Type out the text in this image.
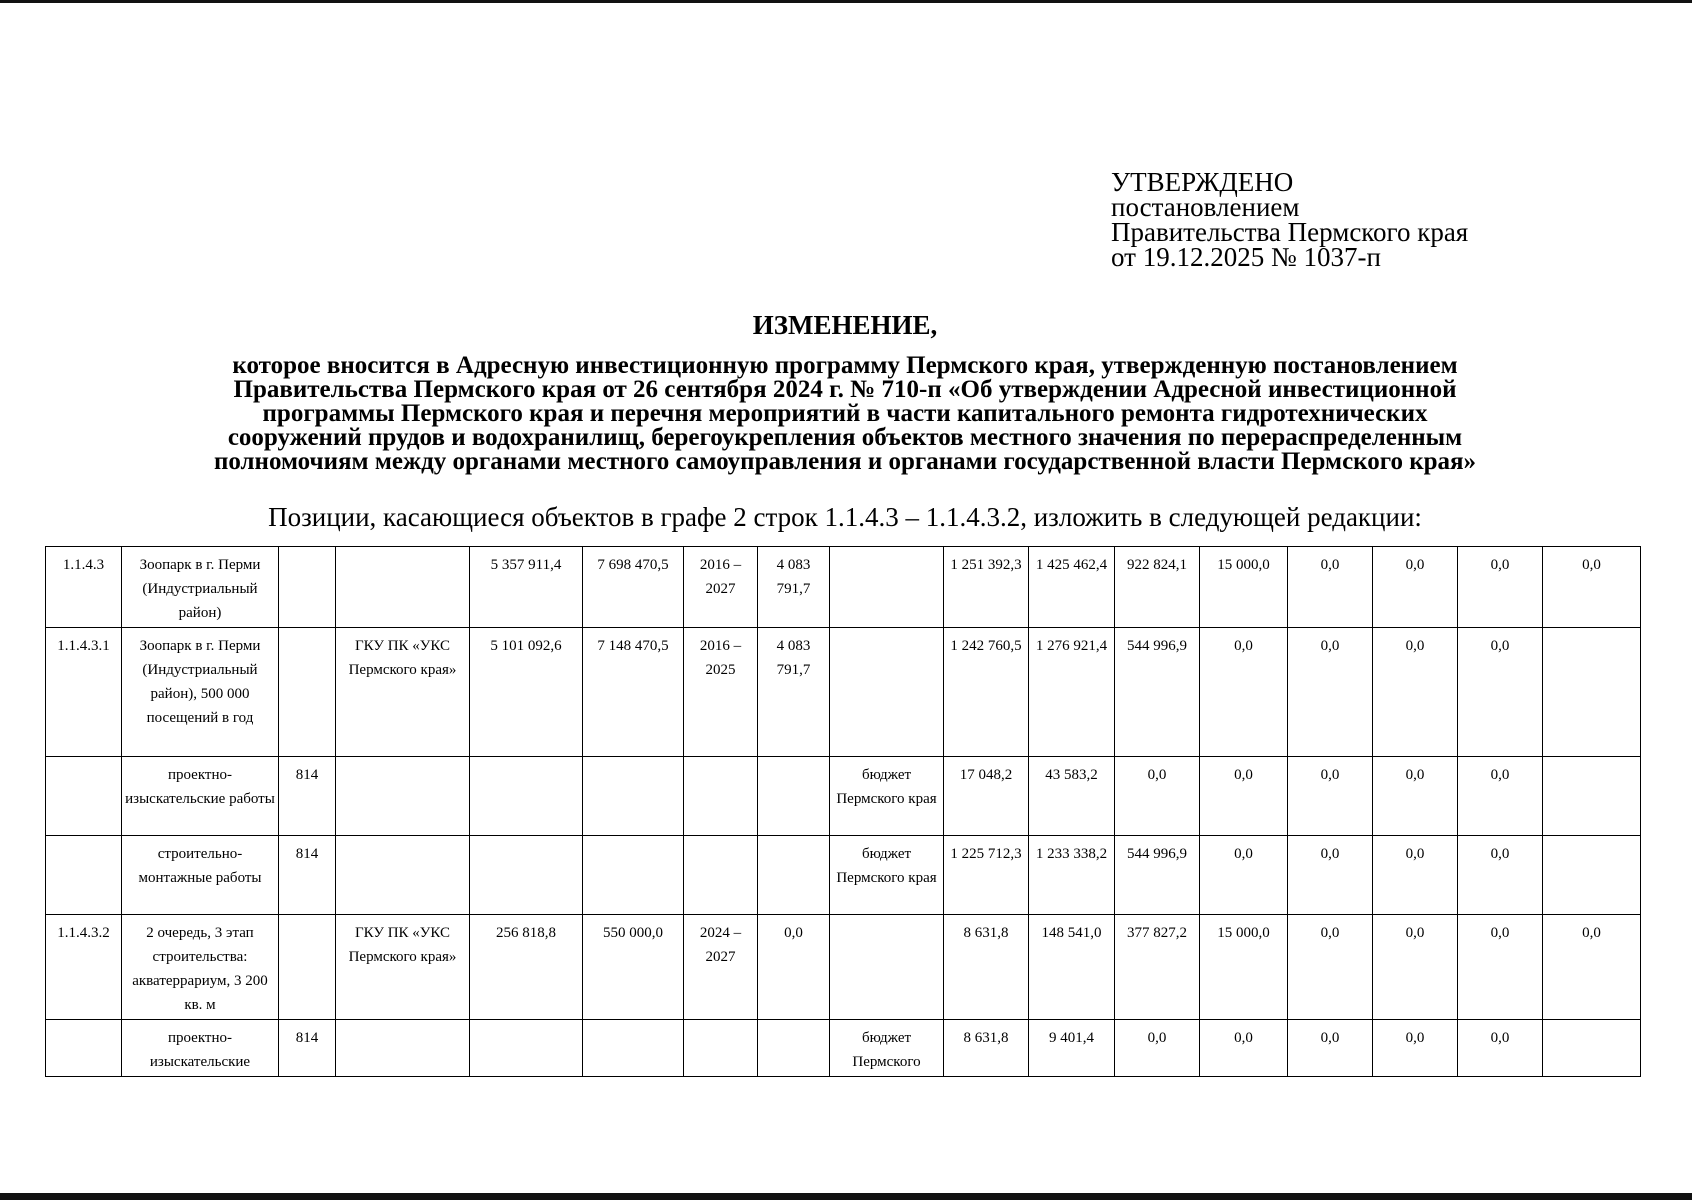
УТВЕРЖДЕНО
постановлением
Правительства Пермского края
от 19.12.2025 № 1037-п
ИЗМЕНЕНИЕ,
которое вносится в Адресную инвестиционную программу Пермского края, утвержденную постановлением
Правительства Пермского края от 26 сентября 2024 г. № 710-п «Об утверждении Адресной инвестиционной
программы Пермского края и перечня мероприятий в части капитального ремонта гидротехнических
сооружений прудов и водохранилищ, берегоукрепления объектов местного значения по перераспределенным
полномочиям между органами местного самоуправления и органами государственной власти Пермского края»
Позиции, касающиеся объектов в графе 2 строк 1.1.4.3 – 1.1.4.3.2, изложить в следующей редакции:
1.1.4.3	Зоопарк в г. Перми (Индустриальный район)			5 357 911,4	7 698 470,5	2016 – 2027	4 083 791,7		1 251 392,3	1 425 462,4	922 824,1	15 000,0	0,0	0,0	0,0	0,0
1.1.4.3.1	Зоопарк в г. Перми (Индустриальный район), 500 000 посещений в год		ГКУ ПК «УКС Пермского края»	5 101 092,6	7 148 470,5	2016 – 2025	4 083 791,7		1 242 760,5	1 276 921,4	544 996,9	0,0	0,0	0,0	0,0	
	проектно-изыскательские работы	814						бюджет Пермского края	17 048,2	43 583,2	0,0	0,0	0,0	0,0	0,0	
	строительно-монтажные работы	814						бюджет Пермского края	1 225 712,3	1 233 338,2	544 996,9	0,0	0,0	0,0	0,0	
1.1.4.3.2	2 очередь, 3 этап строительства: акватеррариум, 3 200 кв. м		ГКУ ПК «УКС Пермского края»	256 818,8	550 000,0	2024 – 2027	0,0		8 631,8	148 541,0	377 827,2	15 000,0	0,0	0,0	0,0	0,0
	проектно-изыскательские	814						бюджет Пермского	8 631,8	9 401,4	0,0	0,0	0,0	0,0	0,0	
